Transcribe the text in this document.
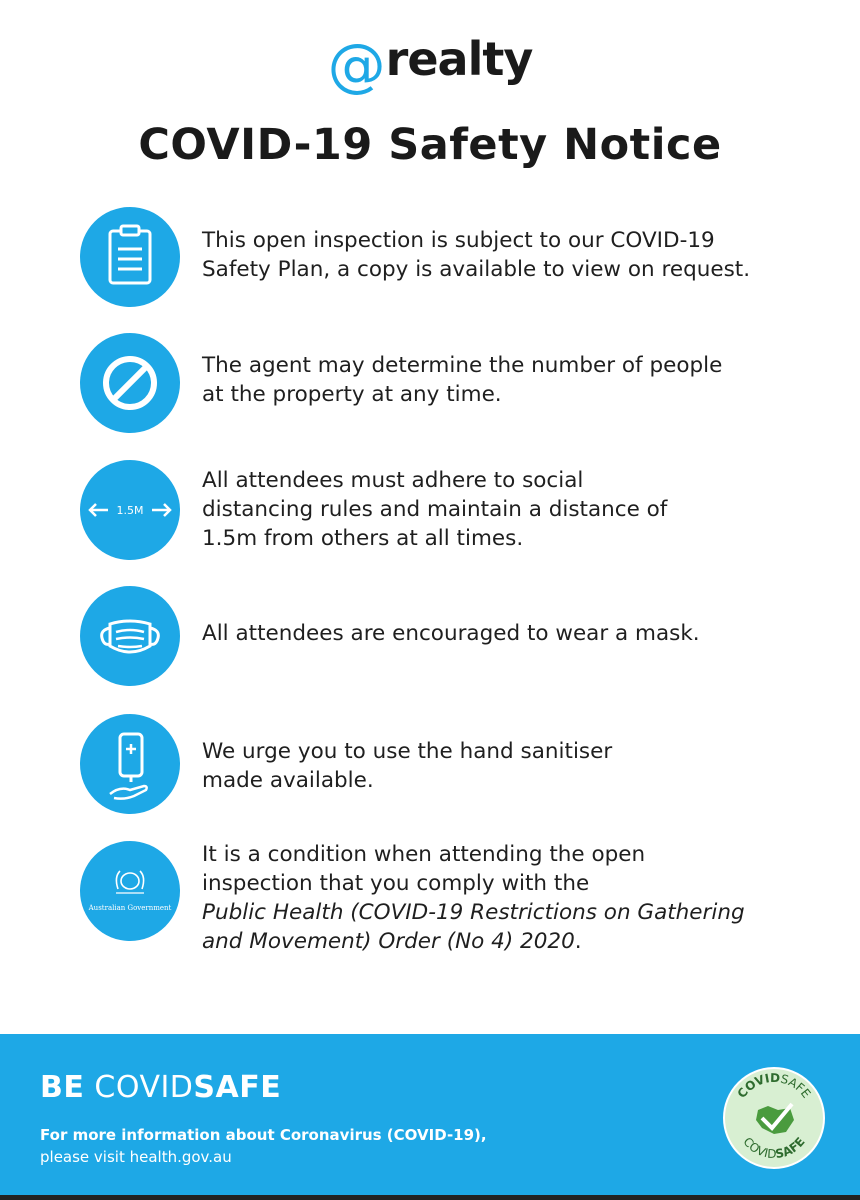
@realty
COVID-19 Safety Notice
This open inspection is subject to our COVID-19
Safety Plan, a copy is available to view on request.
The agent may determine the number of people
at the property at any time.
1.5M
All attendees must adhere to social
distancing rules and maintain a distance of
1.5m from others at all times.
All attendees are encouraged to wear a mask.
We urge you to use the hand sanitiser
made available.
Australian Government
It is a condition when attending the open
inspection that you comply with the
Public Health (COVID-19 Restrictions on Gathering
and Movement) Order (No 4) 2020.
BE COVIDSAFE
For more information about Coronavirus (COVID-19),
please visit health.gov.au
COVIDSAFE
COVIDSAFE
